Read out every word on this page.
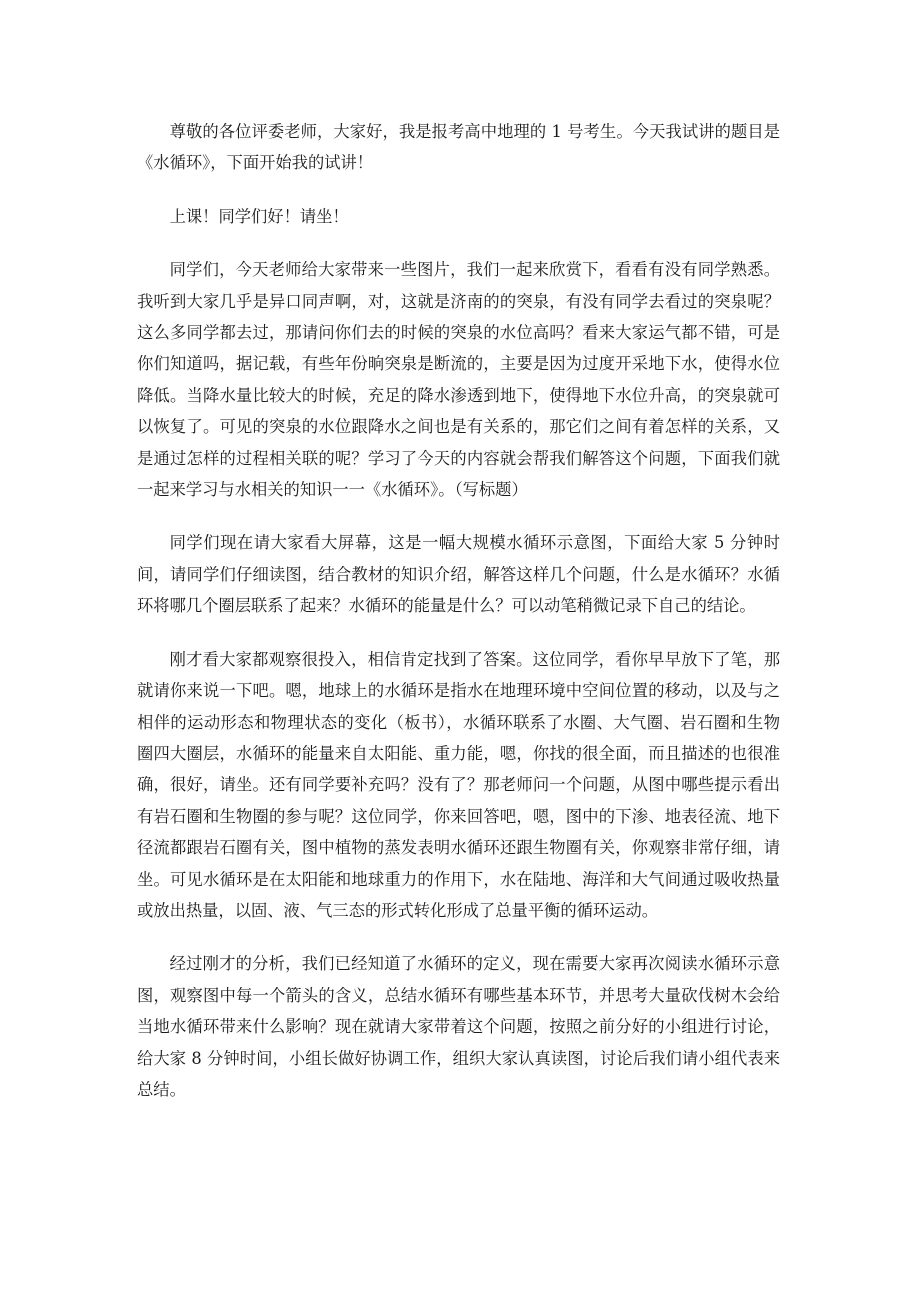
尊敬的各位评委老师，大家好，我是报考高中地理的 1 号考生。今天我试讲的题目是《水循环》，下面开始我的试讲！

上课！同学们好！请坐！

同学们，今天老师给大家带来一些图片，我们一起来欣赏下，看看有没有同学熟悉。我听到大家几乎是异口同声啊，对，这就是济南的的突泉，有没有同学去看过的突泉呢？这么多同学都去过，那请问你们去的时候的突泉的水位高吗？看来大家运气都不错，可是你们知道吗，据记载，有些年份晌突泉是断流的，主要是因为过度开采地下水，使得水位降低。当降水量比较大的时候，充足的降水渗透到地下，使得地下水位升高，的突泉就可以恢复了。可见的突泉的水位跟降水之间也是有关系的，那它们之间有着怎样的关系，又是通过怎样的过程相关联的呢？学习了今天的内容就会帮我们解答这个问题，下面我们就一起来学习与水相关的知识一一《水循环》。（写标题）

同学们现在请大家看大屏幕，这是一幅大规模水循环示意图，下面给大家 5 分钟时间，请同学们仔细读图，结合教材的知识介绍，解答这样几个问题，什么是水循环？水循环将哪几个圈层联系了起来？水循环的能量是什么？可以动笔稍微记录下自己的结论。

刚才看大家都观察很投入，相信肯定找到了答案。这位同学，看你早早放下了笔，那就请你来说一下吧。嗯，地球上的水循环是指水在地理环境中空间位置的移动，以及与之相伴的运动形态和物理状态的变化（板书），水循环联系了水圈、大气圈、岩石圈和生物圈四大圈层，水循环的能量来自太阳能、重力能，嗯，你找的很全面，而且描述的也很准确，很好，请坐。还有同学要补充吗？没有了？那老师问一个问题，从图中哪些提示看出有岩石圈和生物圈的参与呢？这位同学，你来回答吧，嗯，图中的下渗、地表径流、地下径流都跟岩石圈有关，图中植物的蒸发表明水循环还跟生物圈有关，你观察非常仔细，请坐。可见水循环是在太阳能和地球重力的作用下，水在陆地、海洋和大气间通过吸收热量或放出热量，以固、液、气三态的形式转化形成了总量平衡的循环运动。

经过刚才的分析，我们已经知道了水循环的定义，现在需要大家再次阅读水循环示意图，观察图中每一个箭头的含义，总结水循环有哪些基本环节，并思考大量砍伐树木会给当地水循环带来什么影响？现在就请大家带着这个问题，按照之前分好的小组进行讨论，给大家 8 分钟时间，小组长做好协调工作，组织大家认真读图，讨论后我们请小组代表来总结。
